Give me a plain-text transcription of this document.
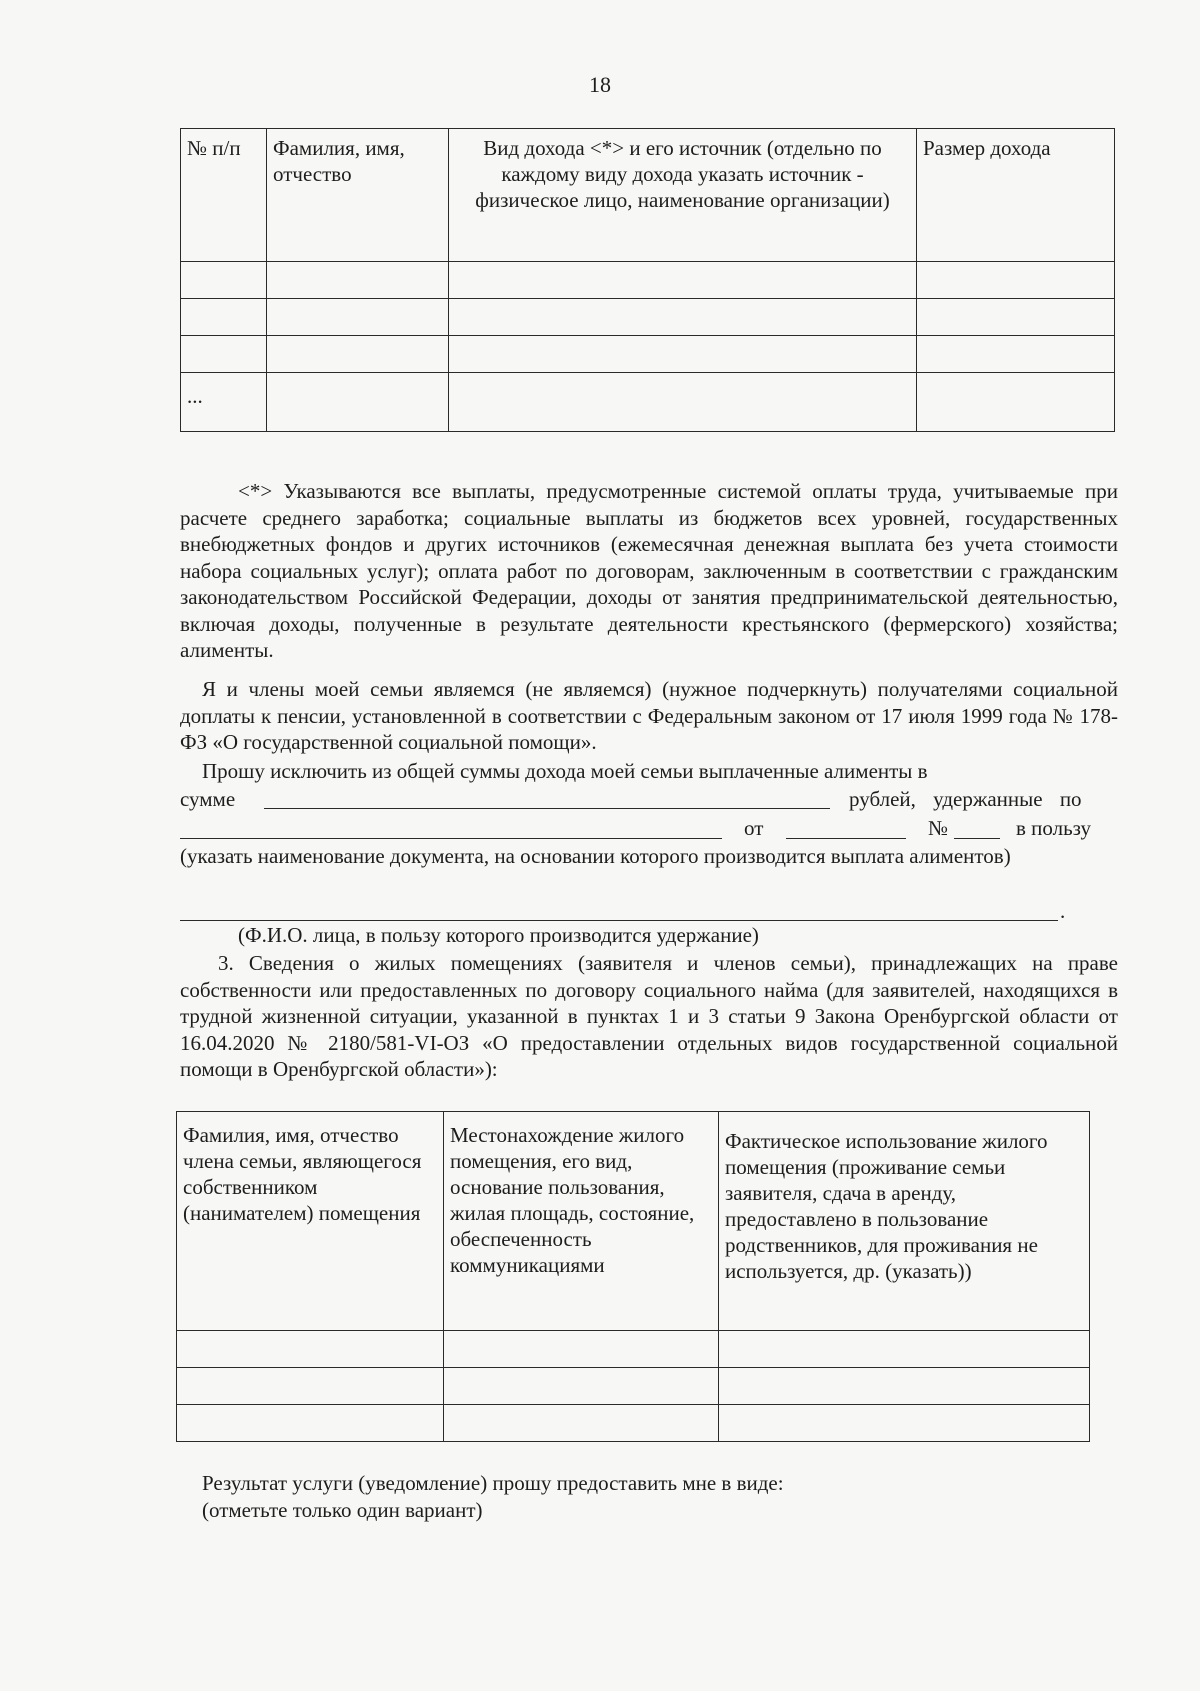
18
№ п/п	Фамилия, имя, отчество	Вид дохода <*> и его источник (отдельно по каждому виду дохода указать источник - физическое лицо, наименование организации)	Размер дохода

...			

<*> Указываются все выплаты, предусмотренные системой оплаты труда, учитываемые при расчете среднего заработка; социальные выплаты из бюджетов всех уровней, государственных внебюджетных фондов и других источников (ежемесячная денежная выплата без учета стоимости набора социальных услуг); оплата работ по договорам, заключенным в соответствии с гражданским законодательством Российской Федерации, доходы от занятия предпринимательской деятельностью, включая доходы, полученные в результате деятельности крестьянского (фермерского) хозяйства; алименты.

Я и члены моей семьи являемся (не являемся) (нужное подчеркнуть) получателями социальной доплаты к пенсии, установленной в соответствии с Федеральным законом от 17 июля 1999 года № 178-ФЗ «О государственной социальной помощи».

Прошу исключить из общей суммы дохода моей семьи выплаченные алименты в
сумме	рублей, удержанные по
от	№	в пользу

(указать наименование документа, на основании которого производится выплата алиментов)

.
(Ф.И.О. лица, в пользу которого производится удержание)

3. Сведения о жилых помещениях (заявителя и членов семьи), принадлежащих на праве собственности или предоставленных по договору социального найма (для заявителей, находящихся в трудной жизненной ситуации, указанной в пунктах 1 и 3 статьи 9 Закона Оренбургской области от 16.04.2020 № 2180/581-VI-ОЗ «О предоставлении отдельных видов государственной социальной помощи в Оренбургской области»):

Фамилия, имя, отчество члена семьи, являющегося собственником (нанимателем) помещения	Местонахождение жилого помещения, его вид, основание пользования, жилая площадь, состояние, обеспеченность коммуникациями	Фактическое использование жилого помещения (проживание семьи заявителя, сдача в аренду, предоставлено в пользование родственников, для проживания не используется, др. (указать))

Результат услуги (уведомление) прошу предоставить мне в виде:
(отметьте только один вариант)
